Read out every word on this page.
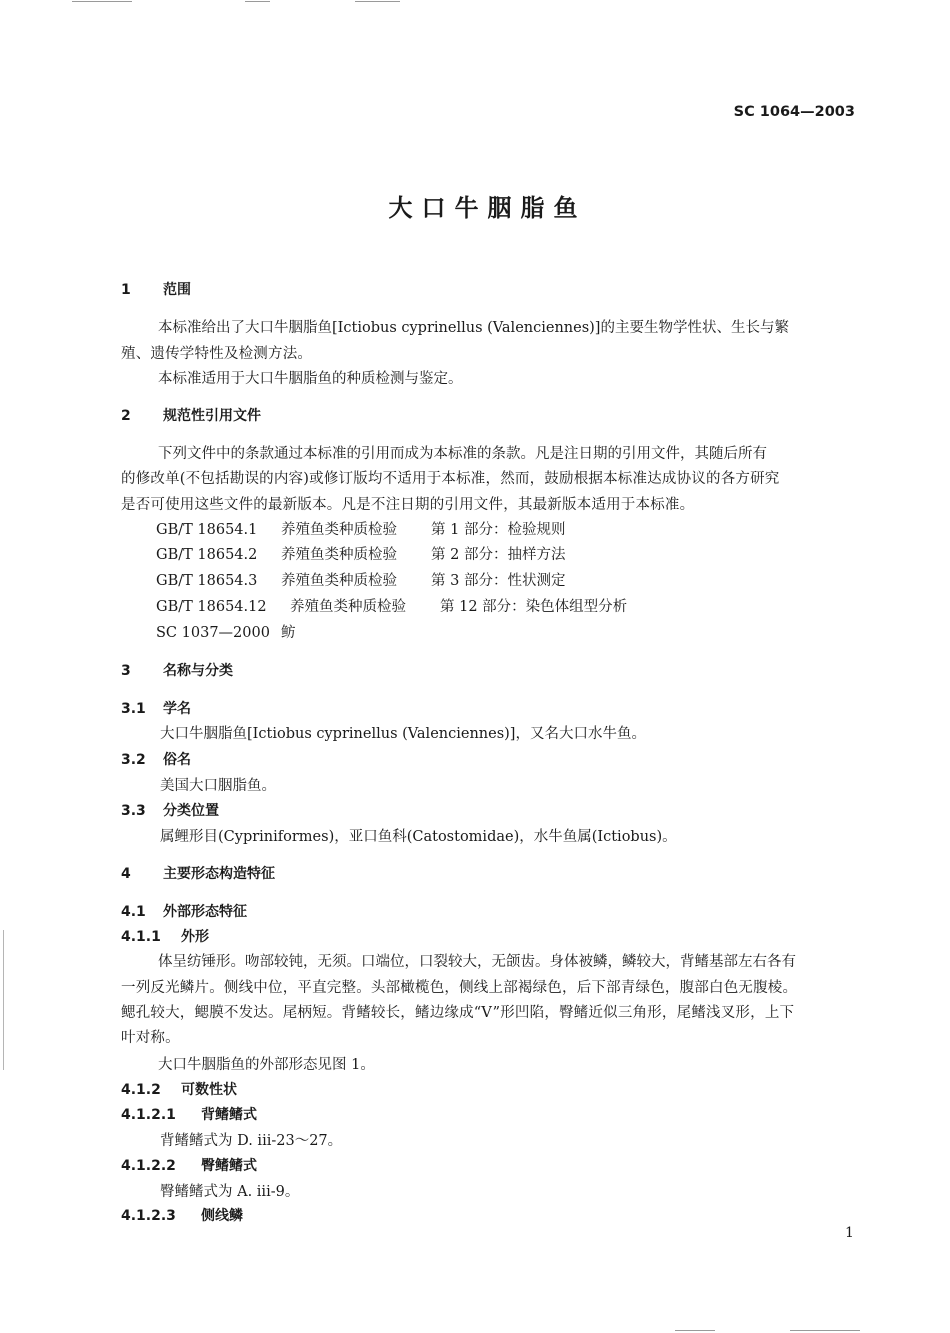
SC 1064—2003
大口牛胭脂鱼
1 范围
本标准给出了大口牛胭脂鱼[Ictiobus cyprinellus (Valenciennes)]的主要生物学性状、生长与繁
殖、遗传学特性及检测方法。
本标准适用于大口牛胭脂鱼的种质检测与鉴定。
2 规范性引用文件
下列文件中的条款通过本标准的引用而成为本标准的条款。凡是注日期的引用文件，其随后所有
的修改单(不包括勘误的内容)或修订版均不适用于本标准，然而，鼓励根据本标准达成协议的各方研究
是否可使用这些文件的最新版本。凡是不注日期的引用文件，其最新版本适用于本标准。
GB/T 18654.1 养殖鱼类种质检验 第 1 部分：检验规则
GB/T 18654.2 养殖鱼类种质检验 第 2 部分：抽样方法
GB/T 18654.3 养殖鱼类种质检验 第 3 部分：性状测定
GB/T 18654.12 养殖鱼类种质检验 第 12 部分：染色体组型分析
SC 1037—2000 鲂
3 名称与分类
3.1 学名
大口牛胭脂鱼[Ictiobus cyprinellus (Valenciennes)]，又名大口水牛鱼。
3.2 俗名
美国大口胭脂鱼。
3.3 分类位置
属鲤形目(Cypriniformes)，亚口鱼科(Catostomidae)，水牛鱼属(Ictiobus)。
4 主要形态构造特征
4.1 外部形态特征
4.1.1 外形
体呈纺锤形。吻部较钝，无须。口端位，口裂较大，无颌齿。身体被鳞，鳞较大，背鳍基部左右各有
一列反光鳞片。侧线中位，平直完整。头部橄榄色，侧线上部褐绿色，后下部青绿色，腹部白色无腹棱。
鳃孔较大，鳃膜不发达。尾柄短。背鳍较长，鳍边缘成“V”形凹陷，臀鳍近似三角形，尾鳍浅叉形，上下
叶对称。
大口牛胭脂鱼的外部形态见图 1。
4.1.2 可数性状
4.1.2.1 背鳍鳍式
背鳍鳍式为 D. iii-23～27。
4.1.2.2 臀鳍鳍式
臀鳍鳍式为 A. iii-9。
4.1.2.3 侧线鳞
1
